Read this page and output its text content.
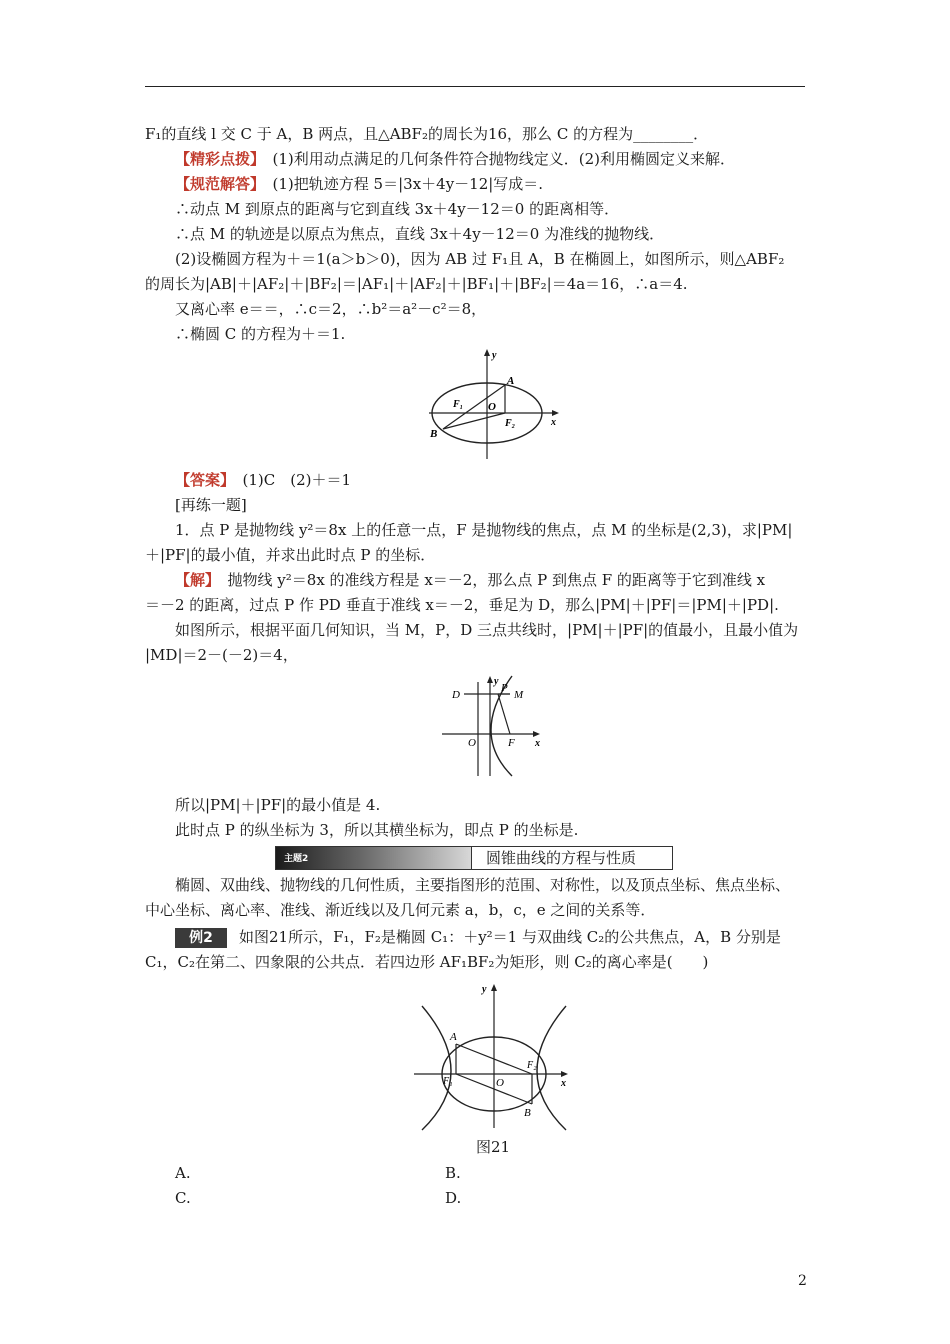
F₁的直线 l 交 C 于 A，B 两点，且△ABF₂的周长为16，那么 C 的方程为________．
【精彩点拨】　 (1)利用动点满足的几何条件符合抛物线定义．(2)利用椭圆定义来解．
【规范解答】　 (1)把轨迹方程 5＝|3x＋4y－12|写成＝.
∴动点 M 到原点的距离与它到直线 3x＋4y－12＝0 的距离相等．
∴点 M 的轨迹是以原点为焦点，直线 3x＋4y－12＝0 为准线的抛物线．
(2)设椭圆方程为＋＝1(a＞b＞0)，因为 AB 过 F₁且 A，B 在椭圆上，如图所示，则△ABF₂
的周长为|AB|＋|AF₂|＋|BF₂|＝|AF₁|＋|AF₂|＋|BF₁|＋|BF₂|＝4a＝16，∴a＝4.
又离心率 e＝＝，∴c＝2，∴b²＝a²－c²＝8，
∴椭圆 C 的方程为＋＝1.
y
x
A
B
O
F₁
F₂
【答案】　 (1)C　(2)＋＝1
[再练一题]
1．点 P 是抛物线 y²＝8x 上的任意一点，F 是抛物线的焦点，点 M 的坐标是(2,3)，求|PM|
＋|PF|的最小值，并求出此时点 P 的坐标．
【解】　 抛物线 y²＝8x 的准线方程是 x＝－2，那么点 P 到焦点 F 的距离等于它到准线 x
＝－2 的距离，过点 P 作 PD 垂直于准线 x＝－2，垂足为 D，那么|PM|＋|PF|＝|PM|＋|PD|.
如图所示，根据平面几何知识，当 M，P，D 三点共线时，|PM|＋|PF|的值最小，且最小值为
|MD|＝2－(－2)＝4，
y
x
D
P
M
O	F
所以|PM|＋|PF|的最小值是 4.
此时点 P 的纵坐标为 3，所以其横坐标为，即点 P 的坐标是.
主题2	圆锥曲线的方程与性质
椭圆、双曲线、抛物线的几何性质，主要指图形的范围、对称性，以及顶点坐标、焦点坐标、
中心坐标、离心率、准线、渐近线以及几何元素 a，b，c，e 之间的关系等．
例2 如图21所示，F₁，F₂是椭圆 C₁：＋y²＝1 与双曲线 C₂的公共焦点，A，B 分别是
C₁，C₂在第二、四象限的公共点．若四边形 AF₁BF₂为矩形，则 C₂的离心率是(　　)
y
x
A
B
O
F₁
F₂
图21
A.	B.
C.	D.
2
